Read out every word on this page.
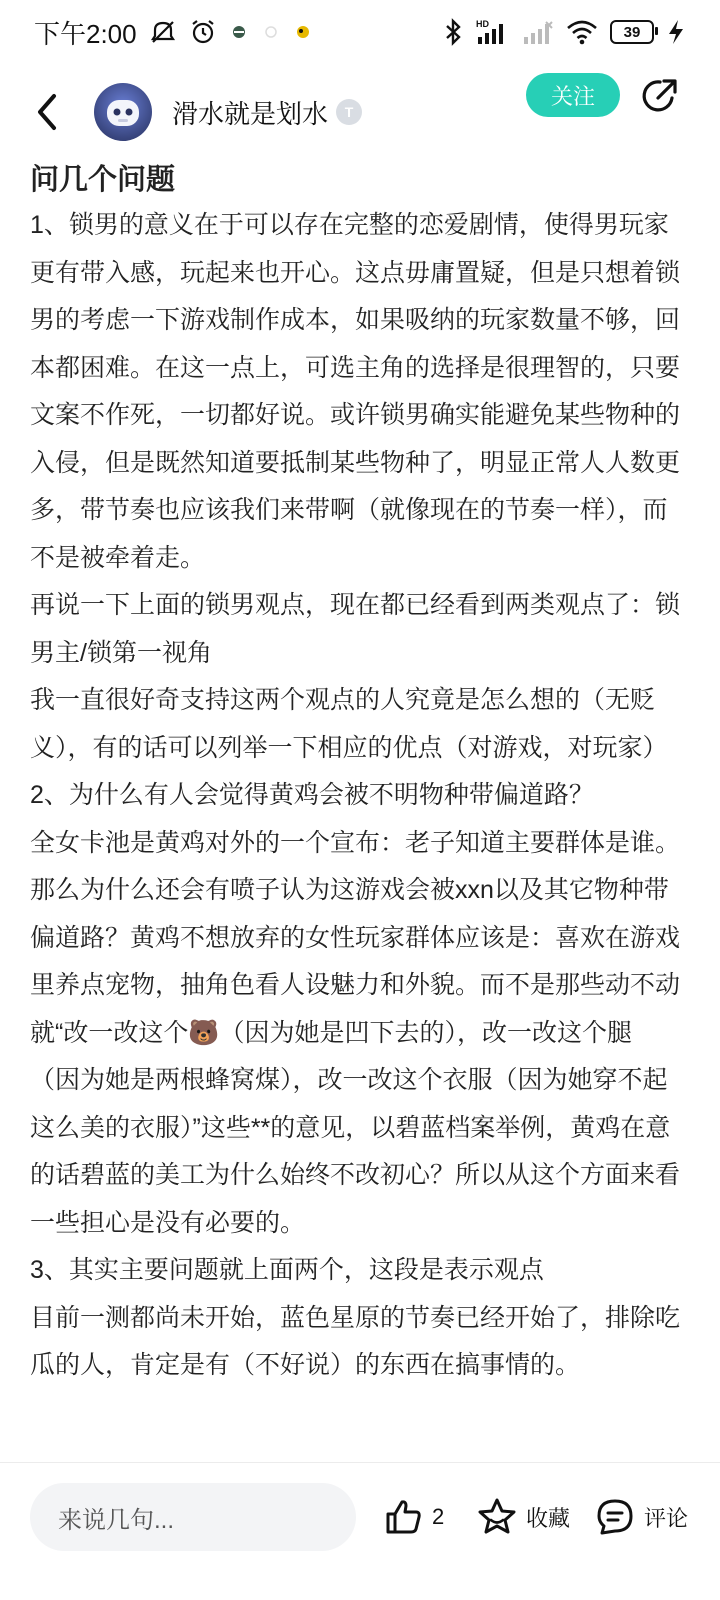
下午2:00	HD	39
滑水就是划水	T
关注
问几个问题

1、锁男的意义在于可以存在完整的恋爱剧情，使得男玩家更有带入感，玩起来也开心。这点毋庸置疑，但是只想着锁男的考虑一下游戏制作成本，如果吸纳的玩家数量不够，回本都困难。在这一点上，可选主角的选择是很理智的，只要文案不作死，一切都好说。或许锁男确实能避免某些物种的入侵，但是既然知道要抵制某些物种了，明显正常人人数更多，带节奏也应该我们来带啊（就像现在的节奏一样），而不是被牵着走。

再说一下上面的锁男观点，现在都已经看到两类观点了：锁男主/锁第一视角

我一直很好奇支持这两个观点的人究竟是怎么想的（无贬义），有的话可以列举一下相应的优点（对游戏，对玩家）

2、为什么有人会觉得黄鸡会被不明物种带偏道路？

全女卡池是黄鸡对外的一个宣布：老子知道主要群体是谁。那么为什么还会有喷子认为这游戏会被xxn以及其它物种带偏道路？黄鸡不想放弃的女性玩家群体应该是：喜欢在游戏里养点宠物，抽角色看人设魅力和外貌。而不是那些动不动就“改一改这个🐻（因为她是凹下去的），改一改这个腿（因为她是两根蜂窝煤），改一改这个衣服（因为她穿不起这么美的衣服）”这些**的意见，以碧蓝档案举例，黄鸡在意的话碧蓝的美工为什么始终不改初心？所以从这个方面来看一些担心是没有必要的。

3、其实主要问题就上面两个，这段是表示观点

目前一测都尚未开始，蓝色星原的节奏已经开始了，排除吃瓜的人，肯定是有（不好说）的东西在搞事情的。

来说几句...	2	收藏	评论
